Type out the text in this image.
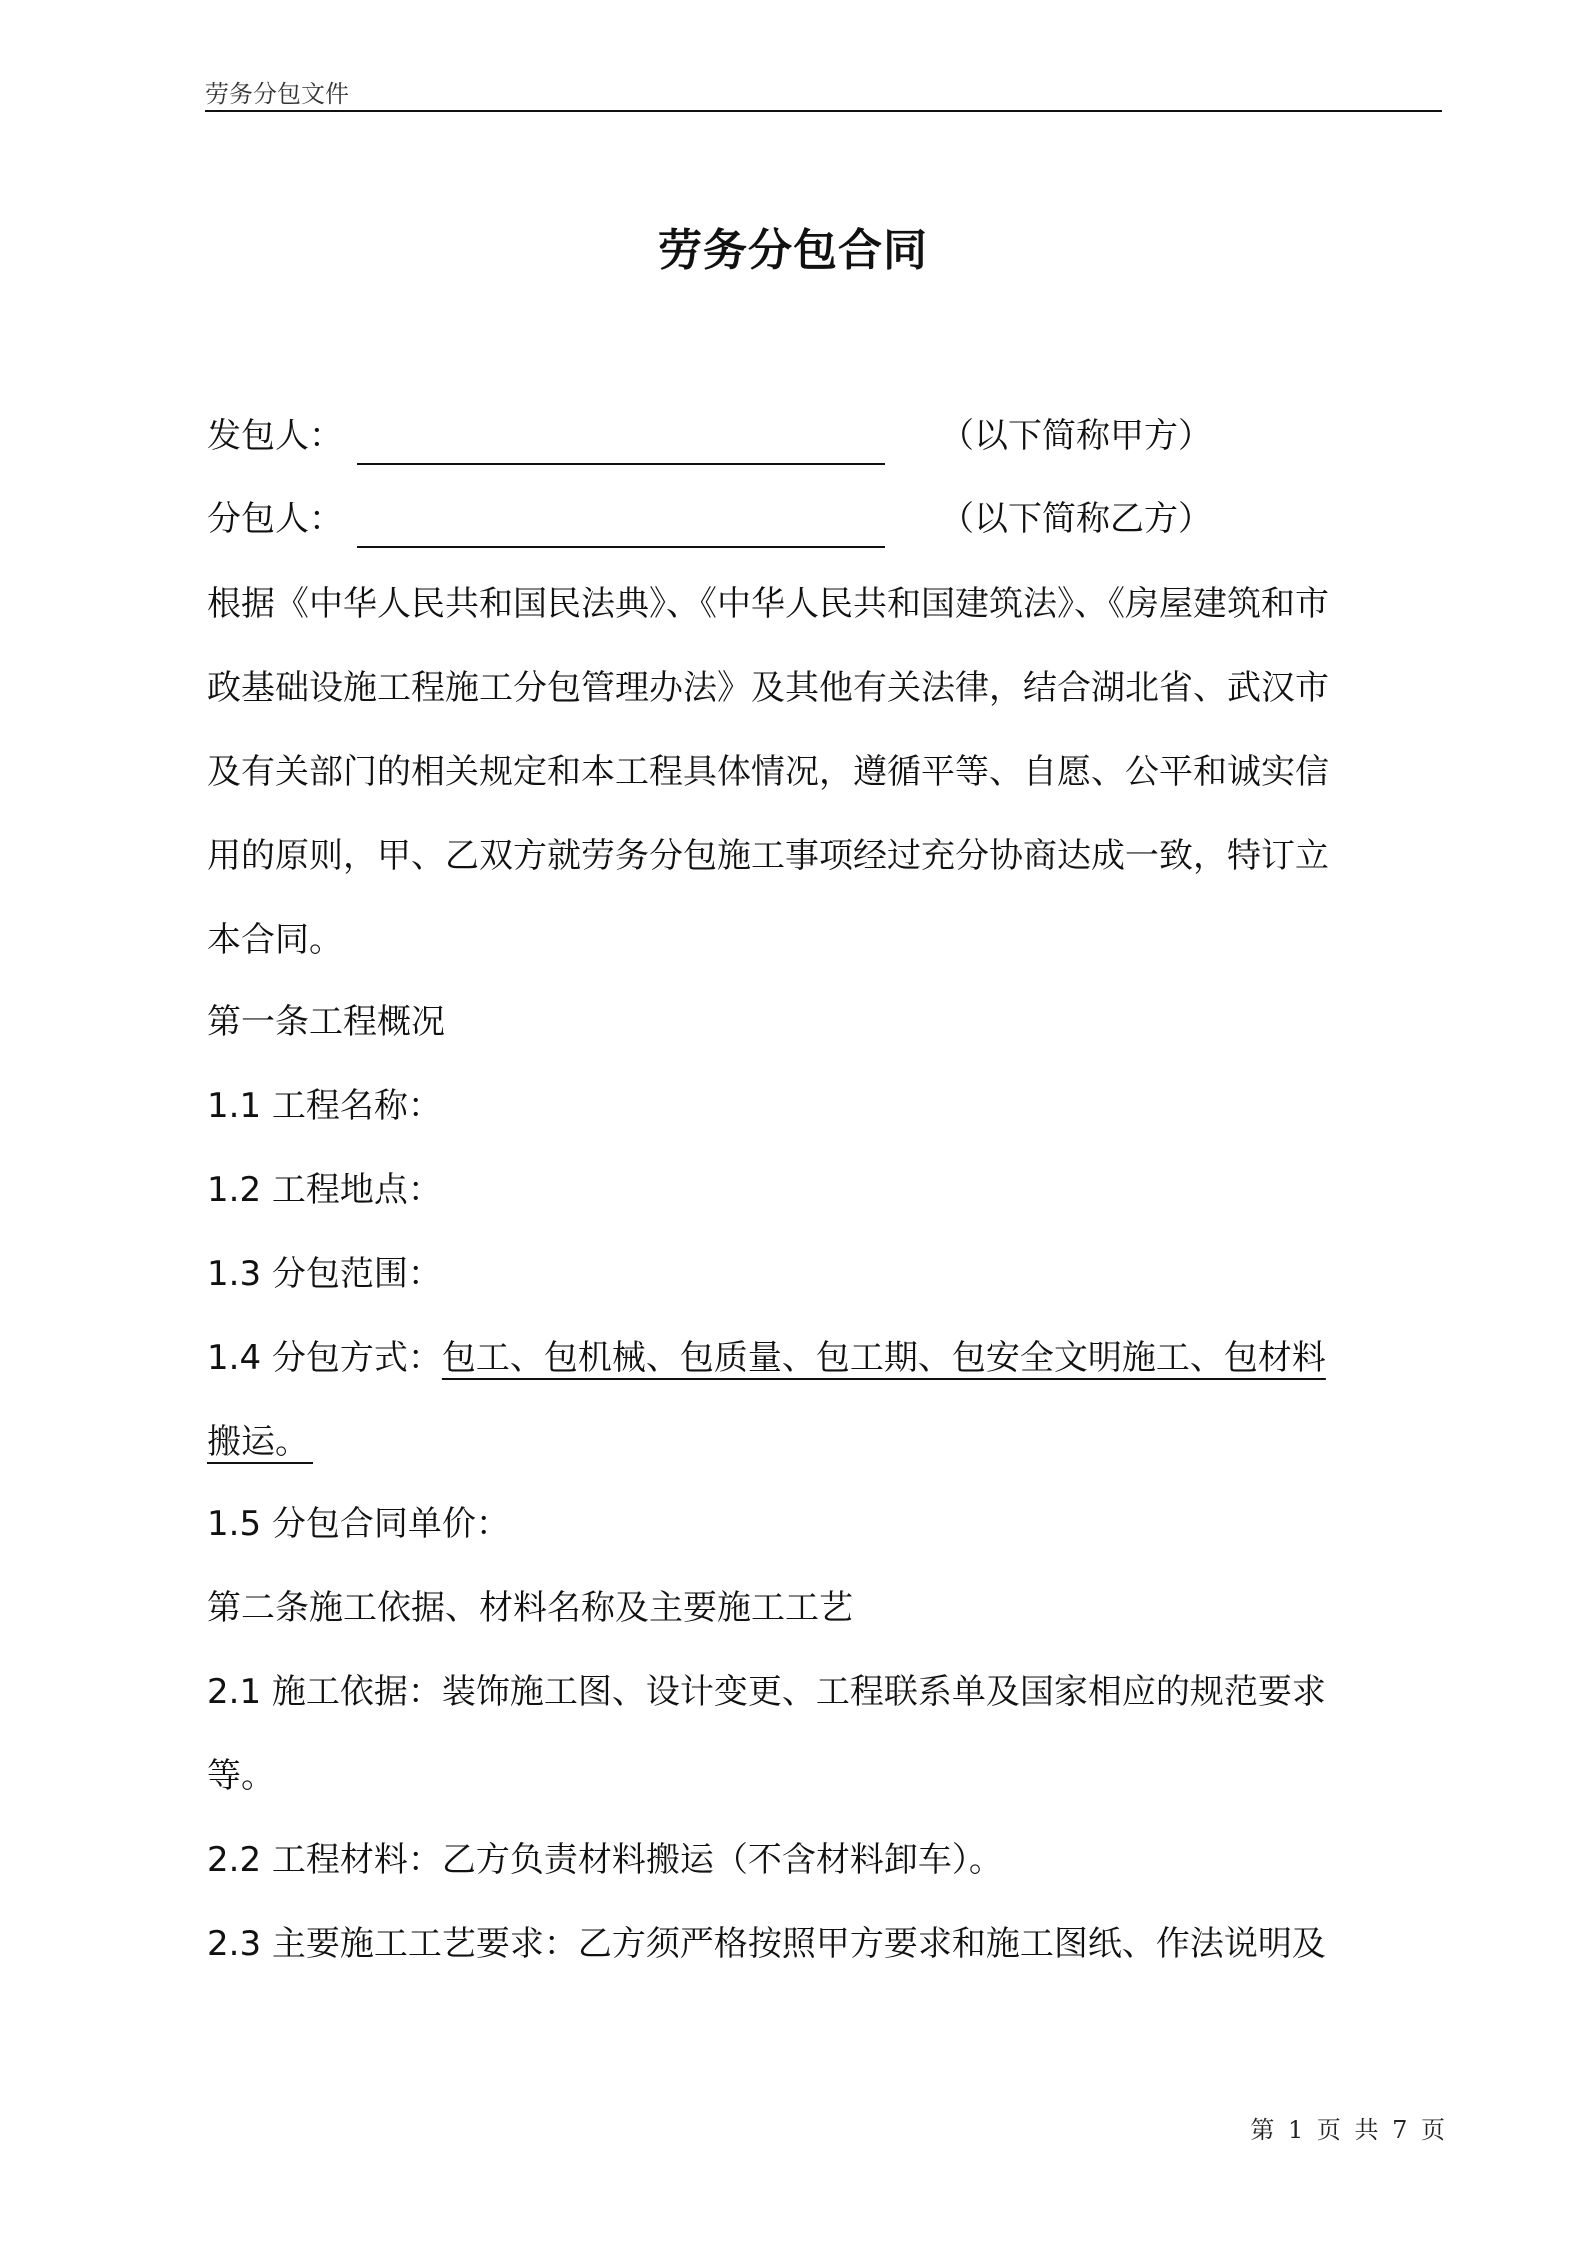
劳务分包文件
劳务分包合同
发包人：	（以下简称甲方）
分包人：	（以下简称乙方）
根据《中华人民共和国民法典》、《中华人民共和国建筑法》、《房屋建筑和市
政基础设施工程施工分包管理办法》及其他有关法律，结合湖北省、武汉市
及有关部门的相关规定和本工程具体情况，遵循平等、自愿、公平和诚实信
用的原则，甲、乙双方就劳务分包施工事项经过充分协商达成一致，特订立
本合同。
第一条工程概况
1.1 工程名称：
1.2 工程地点：
1.3 分包范围：
1.4 分包方式：包工、包机械、包质量、包工期、包安全文明施工、包材料
搬运。
1.5 分包合同单价：
第二条施工依据、材料名称及主要施工工艺
2.1 施工依据：装饰施工图、设计变更、工程联系单及国家相应的规范要求
等。
2.2 工程材料：乙方负责材料搬运（不含材料卸车）。
2.3 主要施工工艺要求：乙方须严格按照甲方要求和施工图纸、作法说明及
第 1 页 共 7 页
